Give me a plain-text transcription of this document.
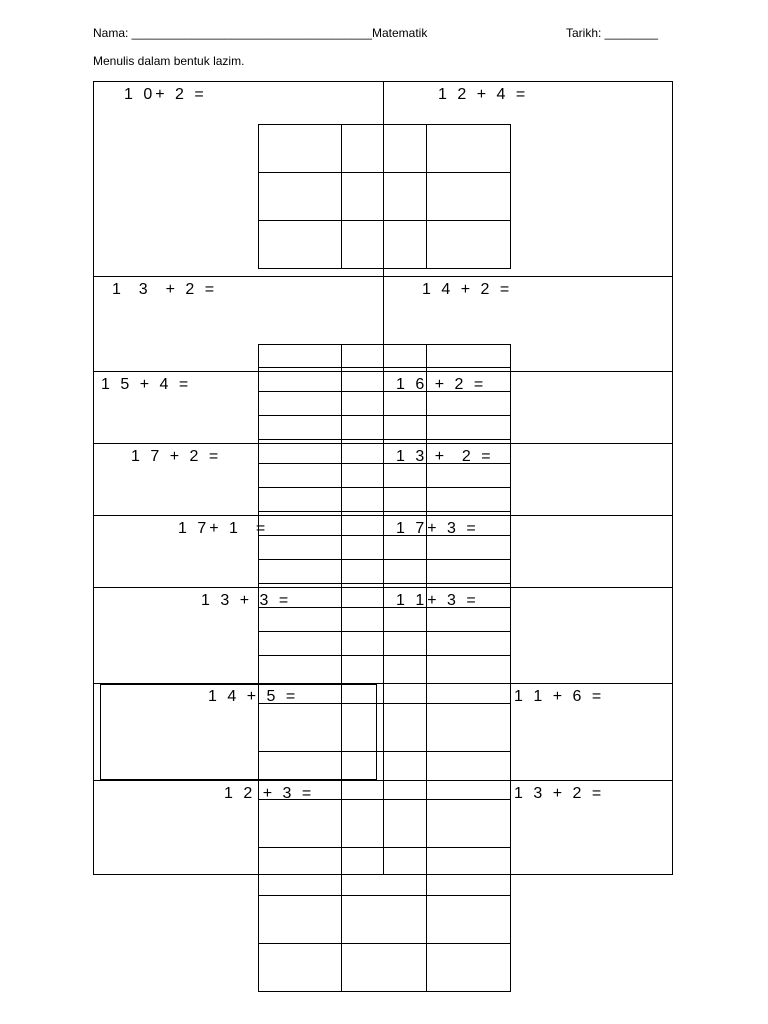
Nama: ____________________________________ Matematik	Tarikh: ________
Menulis dalam bentuk lazim.
1 0+ 2 =	1 2 + 4 =
1  3  + 2 =	1 4 + 2 =
1 5 + 4 =	1 6 + 2 =
1 7 + 2 =	1 3 +  2 =
1 7+ 1  =	1 7+ 3 =
1 3 + 3 =	1 1+ 3 =
1 4 + 5 =	1 1 + 6 =
1 2 + 3 =	1 3 + 2 =
